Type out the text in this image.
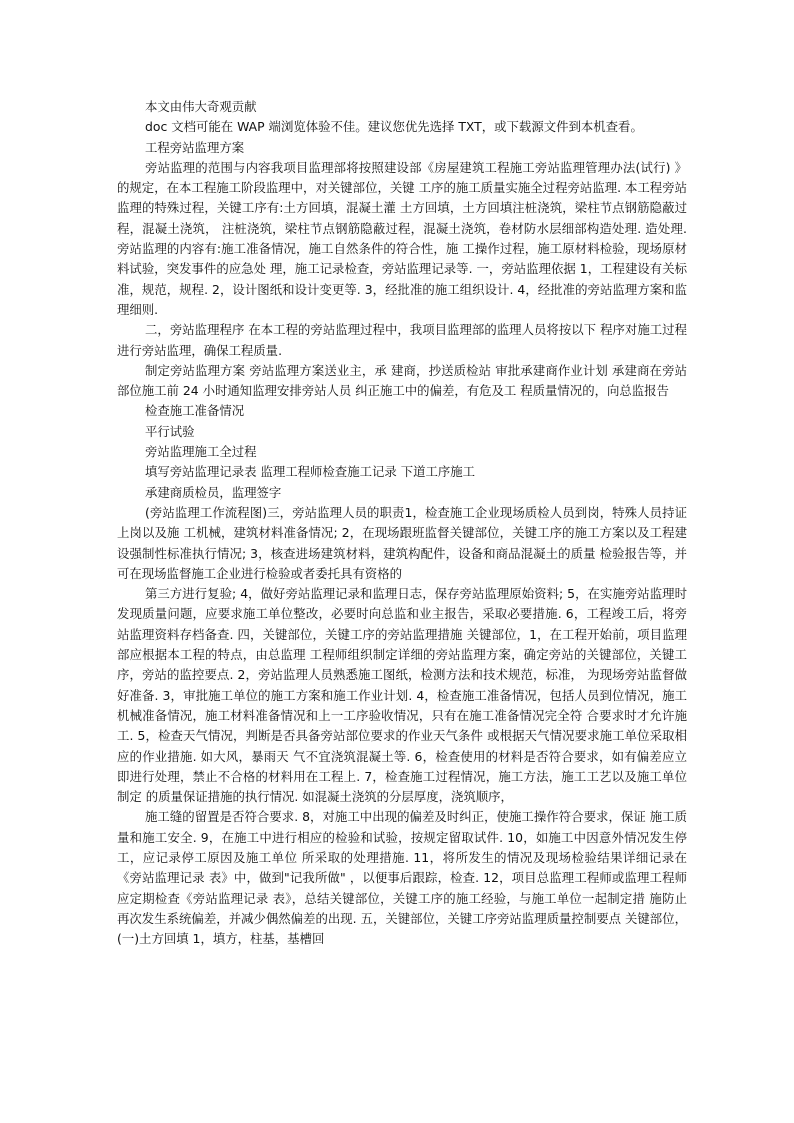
本文由伟大奇观贡献

doc 文档可能在 WAP 端浏览体验不佳。建议您优先选择 TXT，或下载源文件到本机查看。

工程旁站监理方案

旁站监理的范围与内容我项目监理部将按照建设部《房屋建筑工程施工旁站监理管理办法(试行) 》的规定，在本工程施工阶段监理中，对关键部位，关键 工序的施工质量实施全过程旁站监理. 本工程旁站监理的特殊过程，关键工序有:土方回填，混凝土灌 土方回填，土方回填注桩浇筑，梁柱节点钢筋隐蔽过程，混凝土浇筑， 注桩浇筑，梁柱节点钢筋隐蔽过程，混凝土浇筑，卷材防水层细部构造处理. 造处理. 旁站监理的内容有:施工准备情况，施工自然条件的符合性，施 工操作过程，施工原材料检验，现场原材料试验，突发事件的应急处 理，施工记录检查，旁站监理记录等. 一，旁站监理依据 1，工程建设有关标准，规范，规程. 2，设计图纸和设计变更等. 3，经批准的施工组织设计. 4，经批准的旁站监理方案和监理细则.

二，旁站监理程序 在本工程的旁站监理过程中，我项目监理部的监理人员将按以下 程序对施工过程进行旁站监理，确保工程质量.

制定旁站监理方案 旁站监理方案送业主，承 建商，抄送质检站 审批承建商作业计划 承建商在旁站部位施工前 24 小时通知监理安排旁站人员 纠正施工中的偏差，有危及工 程质量情况的，向总监报告

检查施工准备情况

平行试验

旁站监理施工全过程

填写旁站监理记录表 监理工程师检查施工记录 下道工序施工

承建商质检员，监理签字

(旁站监理工作流程图)三，旁站监理人员的职责1，检查施工企业现场质检人员到岗，特殊人员持证上岗以及施 工机械，建筑材料准备情况; 2，在现场跟班监督关键部位，关键工序的施工方案以及工程建 设强制性标准执行情况; 3，核查进场建筑材料，建筑构配件，设备和商品混凝土的质量 检验报告等，并可在现场监督施工企业进行检验或者委托具有资格的

第三方进行复验; 4，做好旁站监理记录和监理日志，保存旁站监理原始资料; 5，在实施旁站监理时发现质量问题，应要求施工单位整改，必要时向总监和业主报告，采取必要措施. 6，工程竣工后，将旁站监理资料存档备查. 四，关键部位，关键工序的旁站监理措施 关键部位，1，在工程开始前，项目监理部应根据本工程的特点，由总监理 工程师组织制定详细的旁站监理方案，确定旁站的关键部位，关键工 序，旁站的监控要点. 2，旁站监理人员熟悉施工图纸，检测方法和技术规范，标准， 为现场旁站监督做好准备. 3，审批施工单位的施工方案和施工作业计划. 4，检查施工准备情况，包括人员到位情况，施工机械准备情况，施工材料准备情况和上一工序验收情况，只有在施工准备情况完全符 合要求时才允许施工. 5，检查天气情况，判断是否具备旁站部位要求的作业天气条件 或根据天气情况要求施工单位采取相应的作业措施. 如大风，暴雨天 气不宜浇筑混凝土等. 6，检查使用的材料是否符合要求，如有偏差应立即进行处理，禁止不合格的材料用在工程上. 7，检查施工过程情况，施工方法，施工工艺以及施工单位制定 的质量保证措施的执行情况. 如混凝土浇筑的分层厚度，浇筑顺序，

施工缝的留置是否符合要求. 8，对施工中出现的偏差及时纠正，使施工操作符合要求，保证 施工质量和施工安全. 9，在施工中进行相应的检验和试验，按规定留取试件. 10，如施工中因意外情况发生停工，应记录停工原因及施工单位 所采取的处理措施. 11，将所发生的情况及现场检验结果详细记录在《旁站监理记录 表》中，做到"记我所做" ，以便事后跟踪，检查. 12，项目总监理工程师或监理工程师应定期检查《旁站监理记录 表》，总结关键部位，关键工序的施工经验，与施工单位一起制定措 施防止再次发生系统偏差，并减少偶然偏差的出现. 五，关键部位，关键工序旁站监理质量控制要点 关键部位，(一)土方回填 1，填方，柱基，基槽回
